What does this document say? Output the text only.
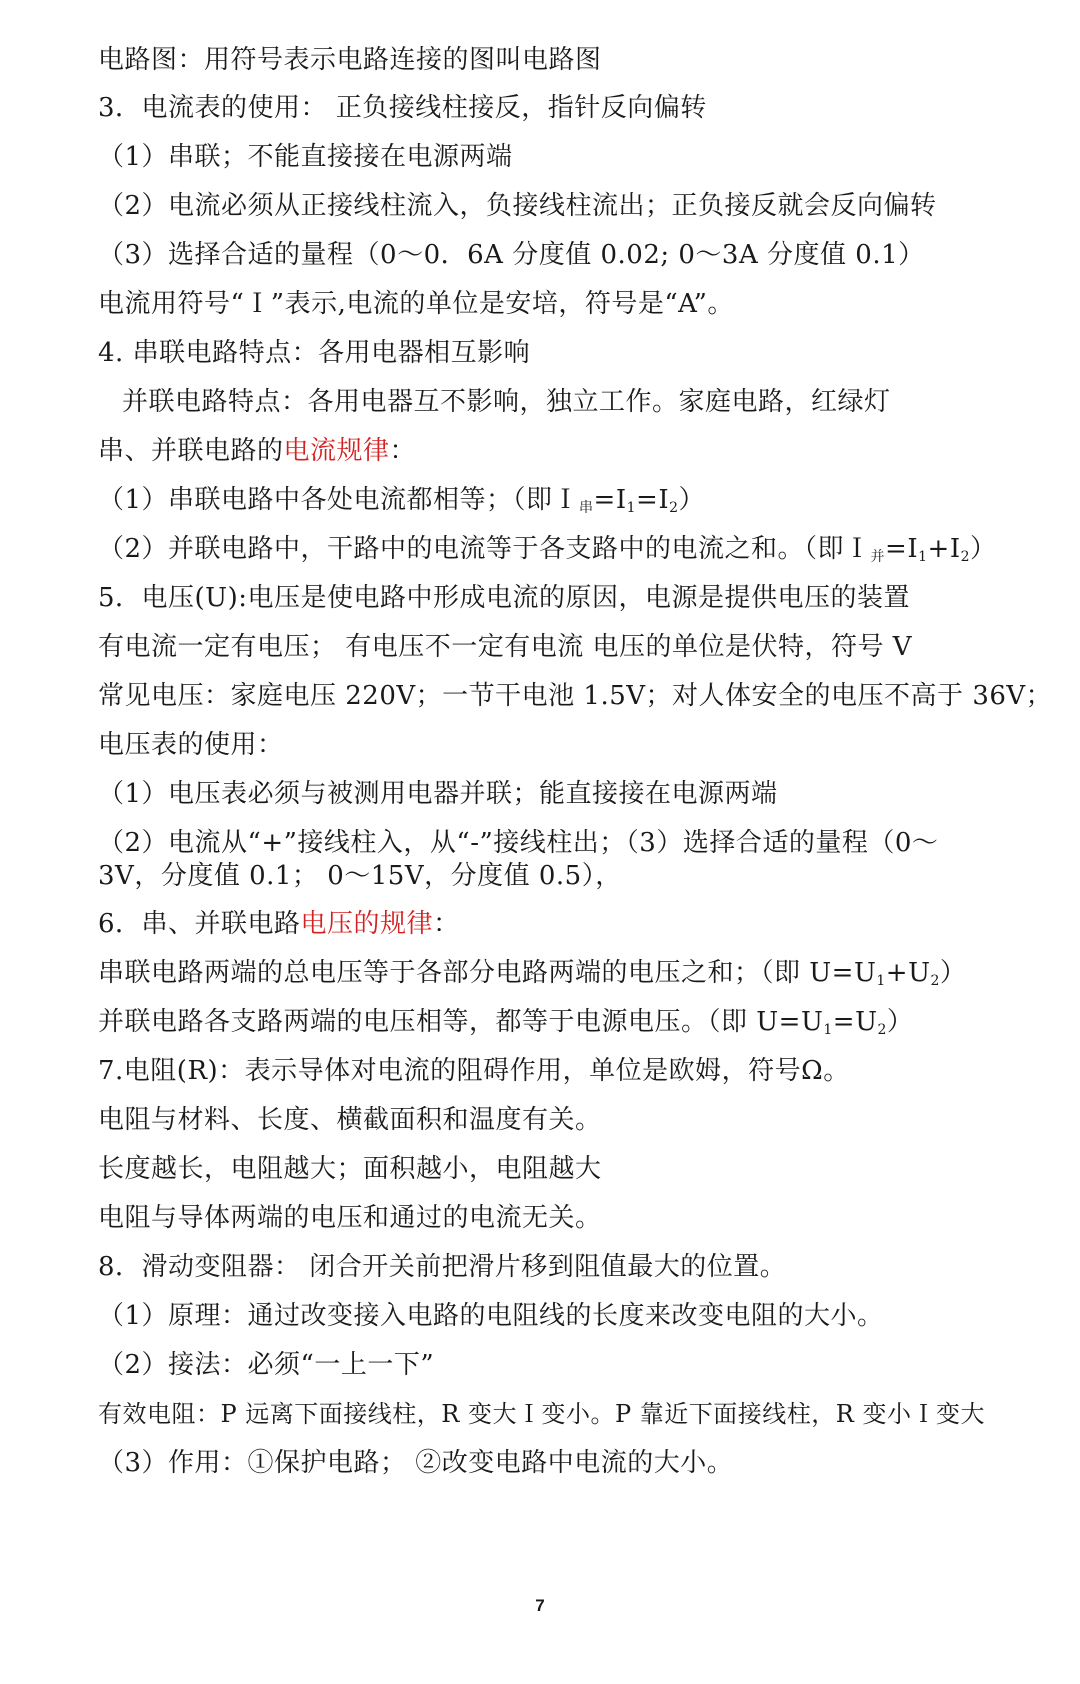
电路图：用符号表示电路连接的图叫电路图
3．电流表的使用： 正负接线柱接反，指针反向偏转
（1）串联；不能直接接在电源两端
（2）电流必须从正接线柱流入，负接线柱流出；正负接反就会反向偏转
（3）选择合适的量程（0～0．6A 分度值 0.02; 0～3A 分度值 0.1）
电流用符号“Ｉ”表示,电流的单位是安培，符号是“A”。
4. 串联电路特点：各用电器相互影响
并联电路特点：各用电器互不影响，独立工作。家庭电路，红绿灯
串、并联电路的电流规律：
（1）串联电路中各处电流都相等；（即$I_串=I_1=I_2$）
（2）并联电路中，干路中的电流等于各支路中的电流之和。（即$I_并=I_1+I_2$）
5．电压(U):电压是使电路中形成电流的原因，电源是提供电压的装置
有电流一定有电压； 有电压不一定有电流 电压的单位是伏特，符号 V
常见电压：家庭电压 220V；一节干电池 1.5V；对人体安全的电压不高于 36V；
电压表的使用：
（1）电压表必须与被测用电器并联；能直接接在电源两端
（2）电流从“+”接线柱入，从“-”接线柱出；（3）选择合适的量程（0～
3V，分度值 0.1； 0～15V，分度值 0.5），
6．串、并联电路电压的规律：
串联电路两端的总电压等于各部分电路两端的电压之和；（即 $U=U_1+U_2$）
并联电路各支路两端的电压相等，都等于电源电压。（即 $U=U_1=U_2$）
7.电阻(R)：表示导体对电流的阻碍作用，单位是欧姆，符号Ω。
电阻与材料、长度、横截面积和温度有关。
长度越长，电阻越大；面积越小，电阻越大
电阻与导体两端的电压和通过的电流无关。
8．滑动变阻器： 闭合开关前把滑片移到阻值最大的位置。
（1）原理：通过改变接入电路的电阻线的长度来改变电阻的大小。
（2）接法：必须“一上一下”
有效电阻：P 远离下面接线柱，R 变大Ｉ变小。P 靠近下面接线柱，R 变小Ｉ变大
（3）作用：①保护电路； ②改变电路中电流的大小。
7
